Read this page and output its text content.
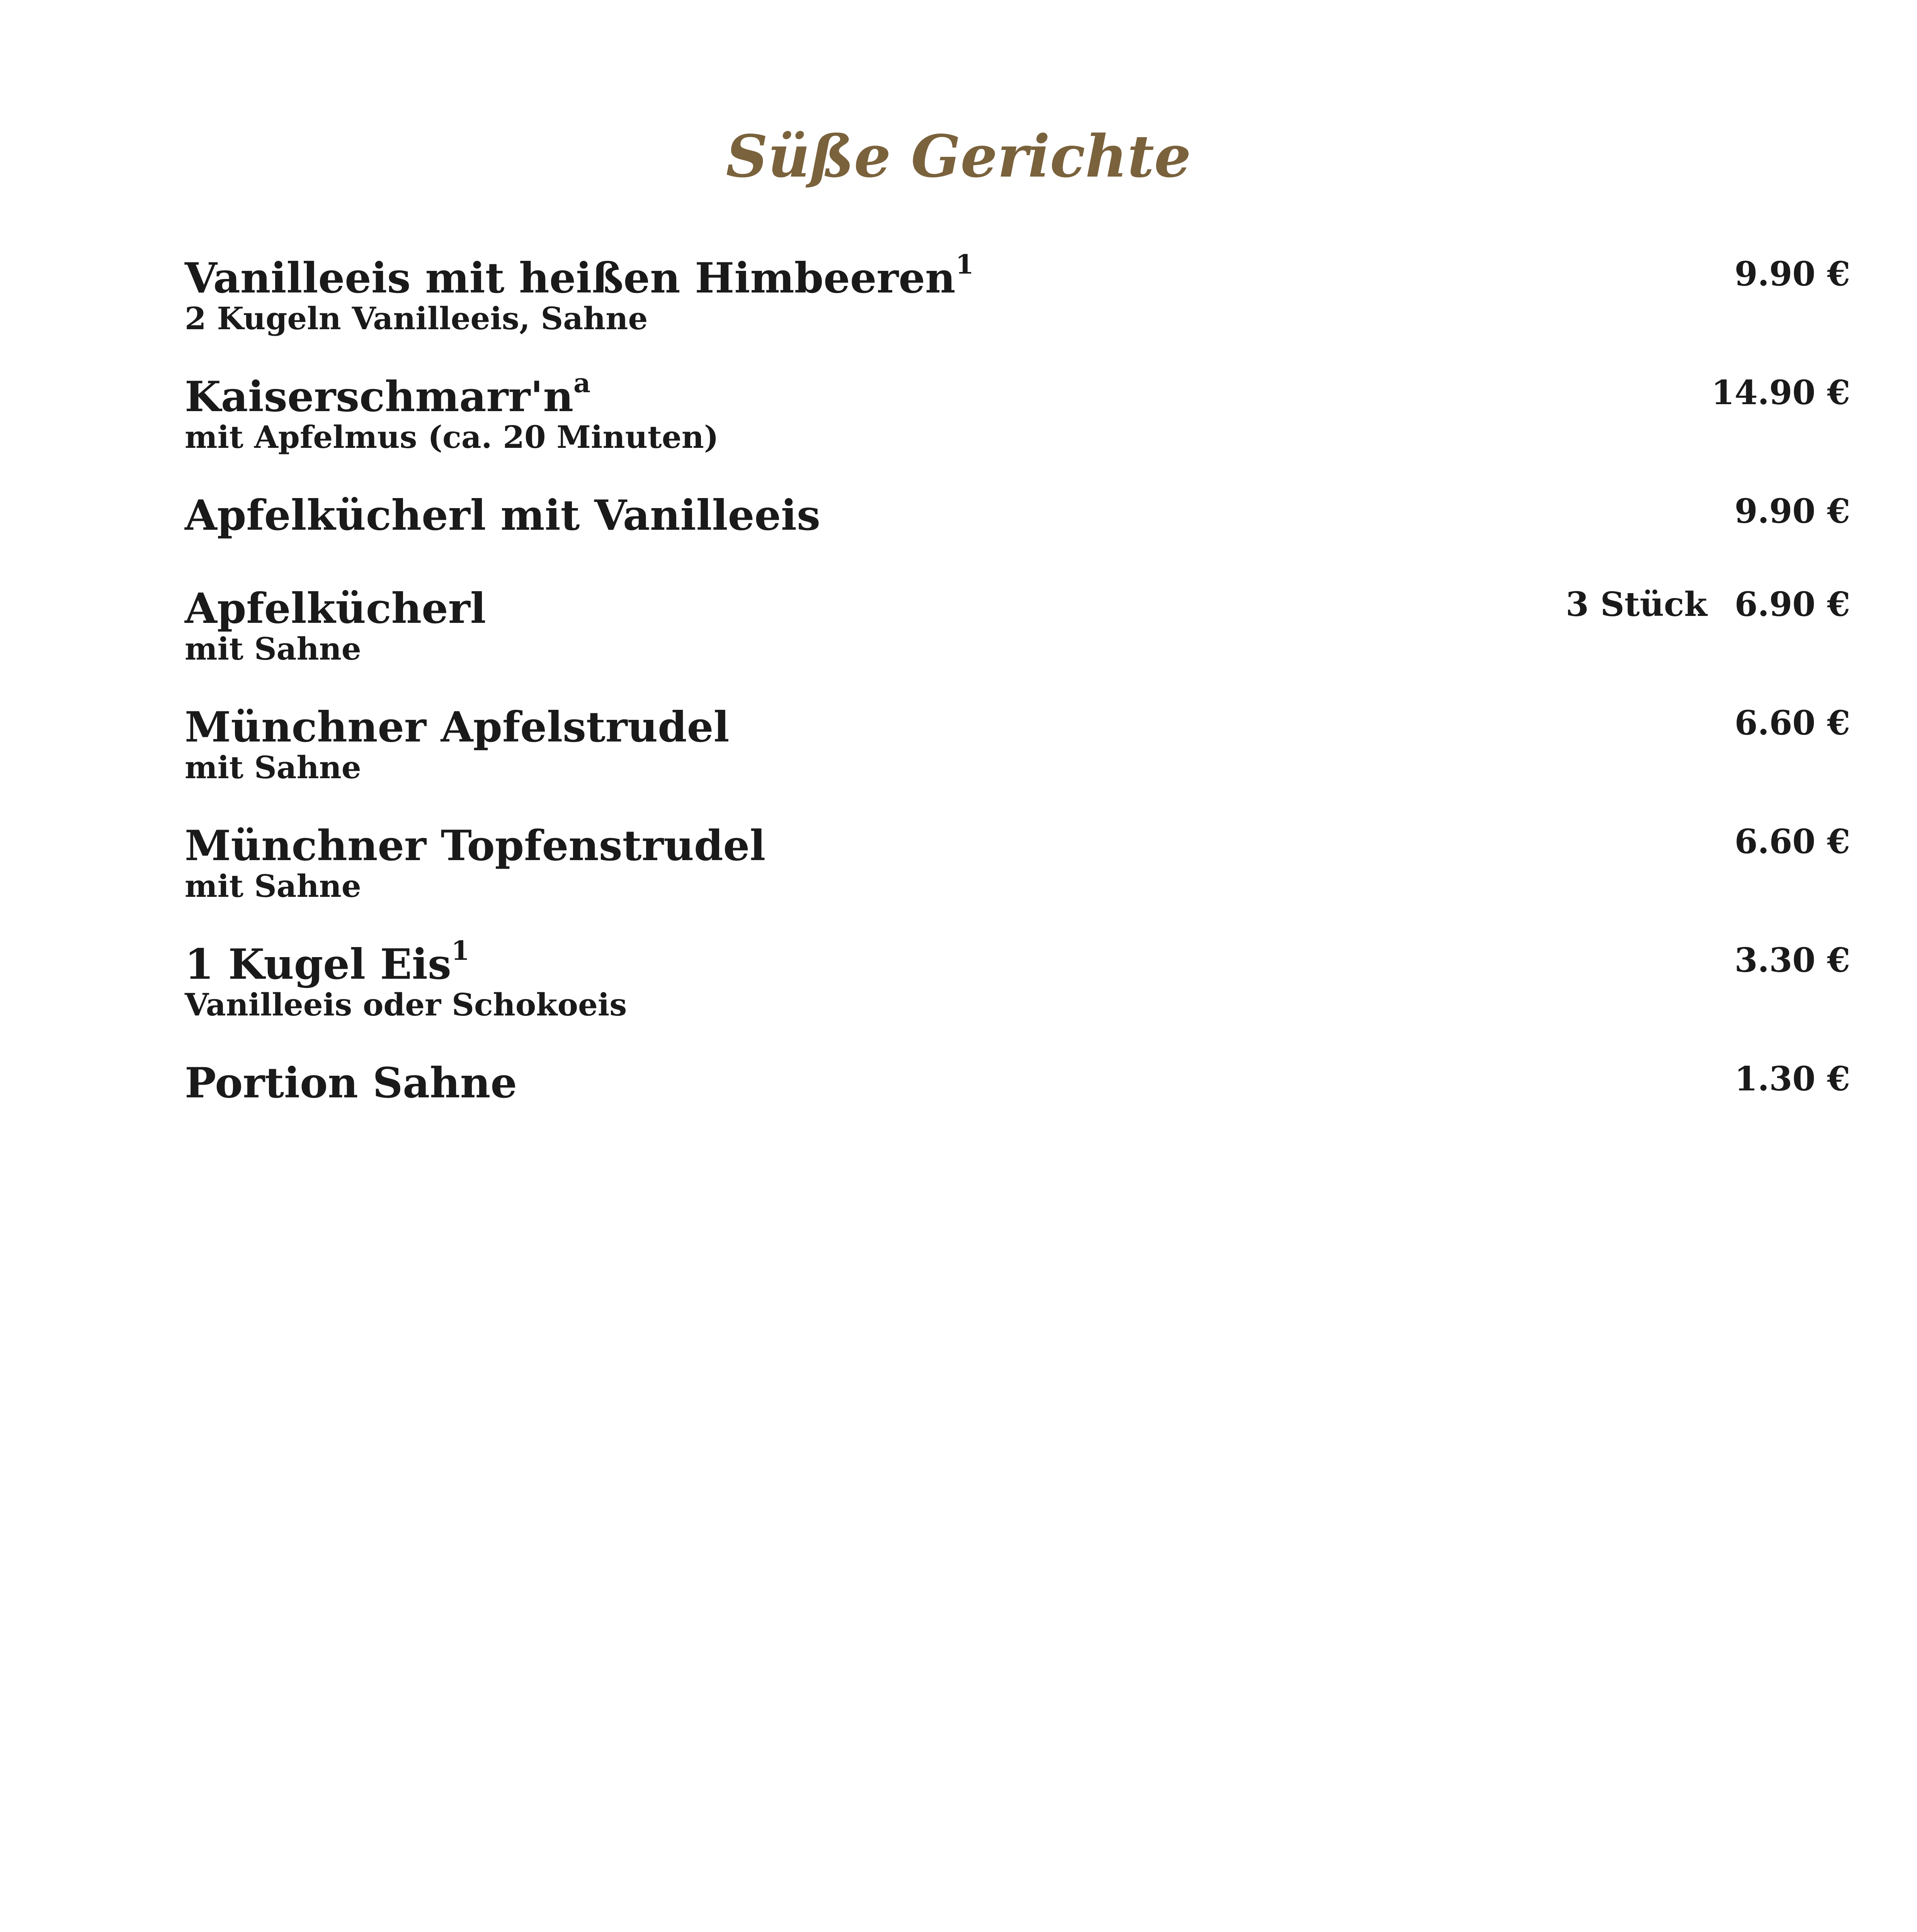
Süße Gerichte
Vanilleeis mit heißen Himbeeren$^1$
2 Kugeln Vanilleeis, Sahne
9.90 €
$Kaiserschmarr'n^a$
mit Apfelmus (ca. 20 Minuten)
14.90 €
Apfelkücherl mit Vanilleeis	9.90 €
Apfelkücherl
mit Sahne
3 Stück 6.90 €
Münchner Apfelstrudel
mit Sahne
6.60 €
Münchner Topfenstrudel
mit Sahne
6.60 €
1 Kugel Eis$^1$
Vanilleeis oder Schokoeis
3.30 €
Portion Sahne	1.30 €
